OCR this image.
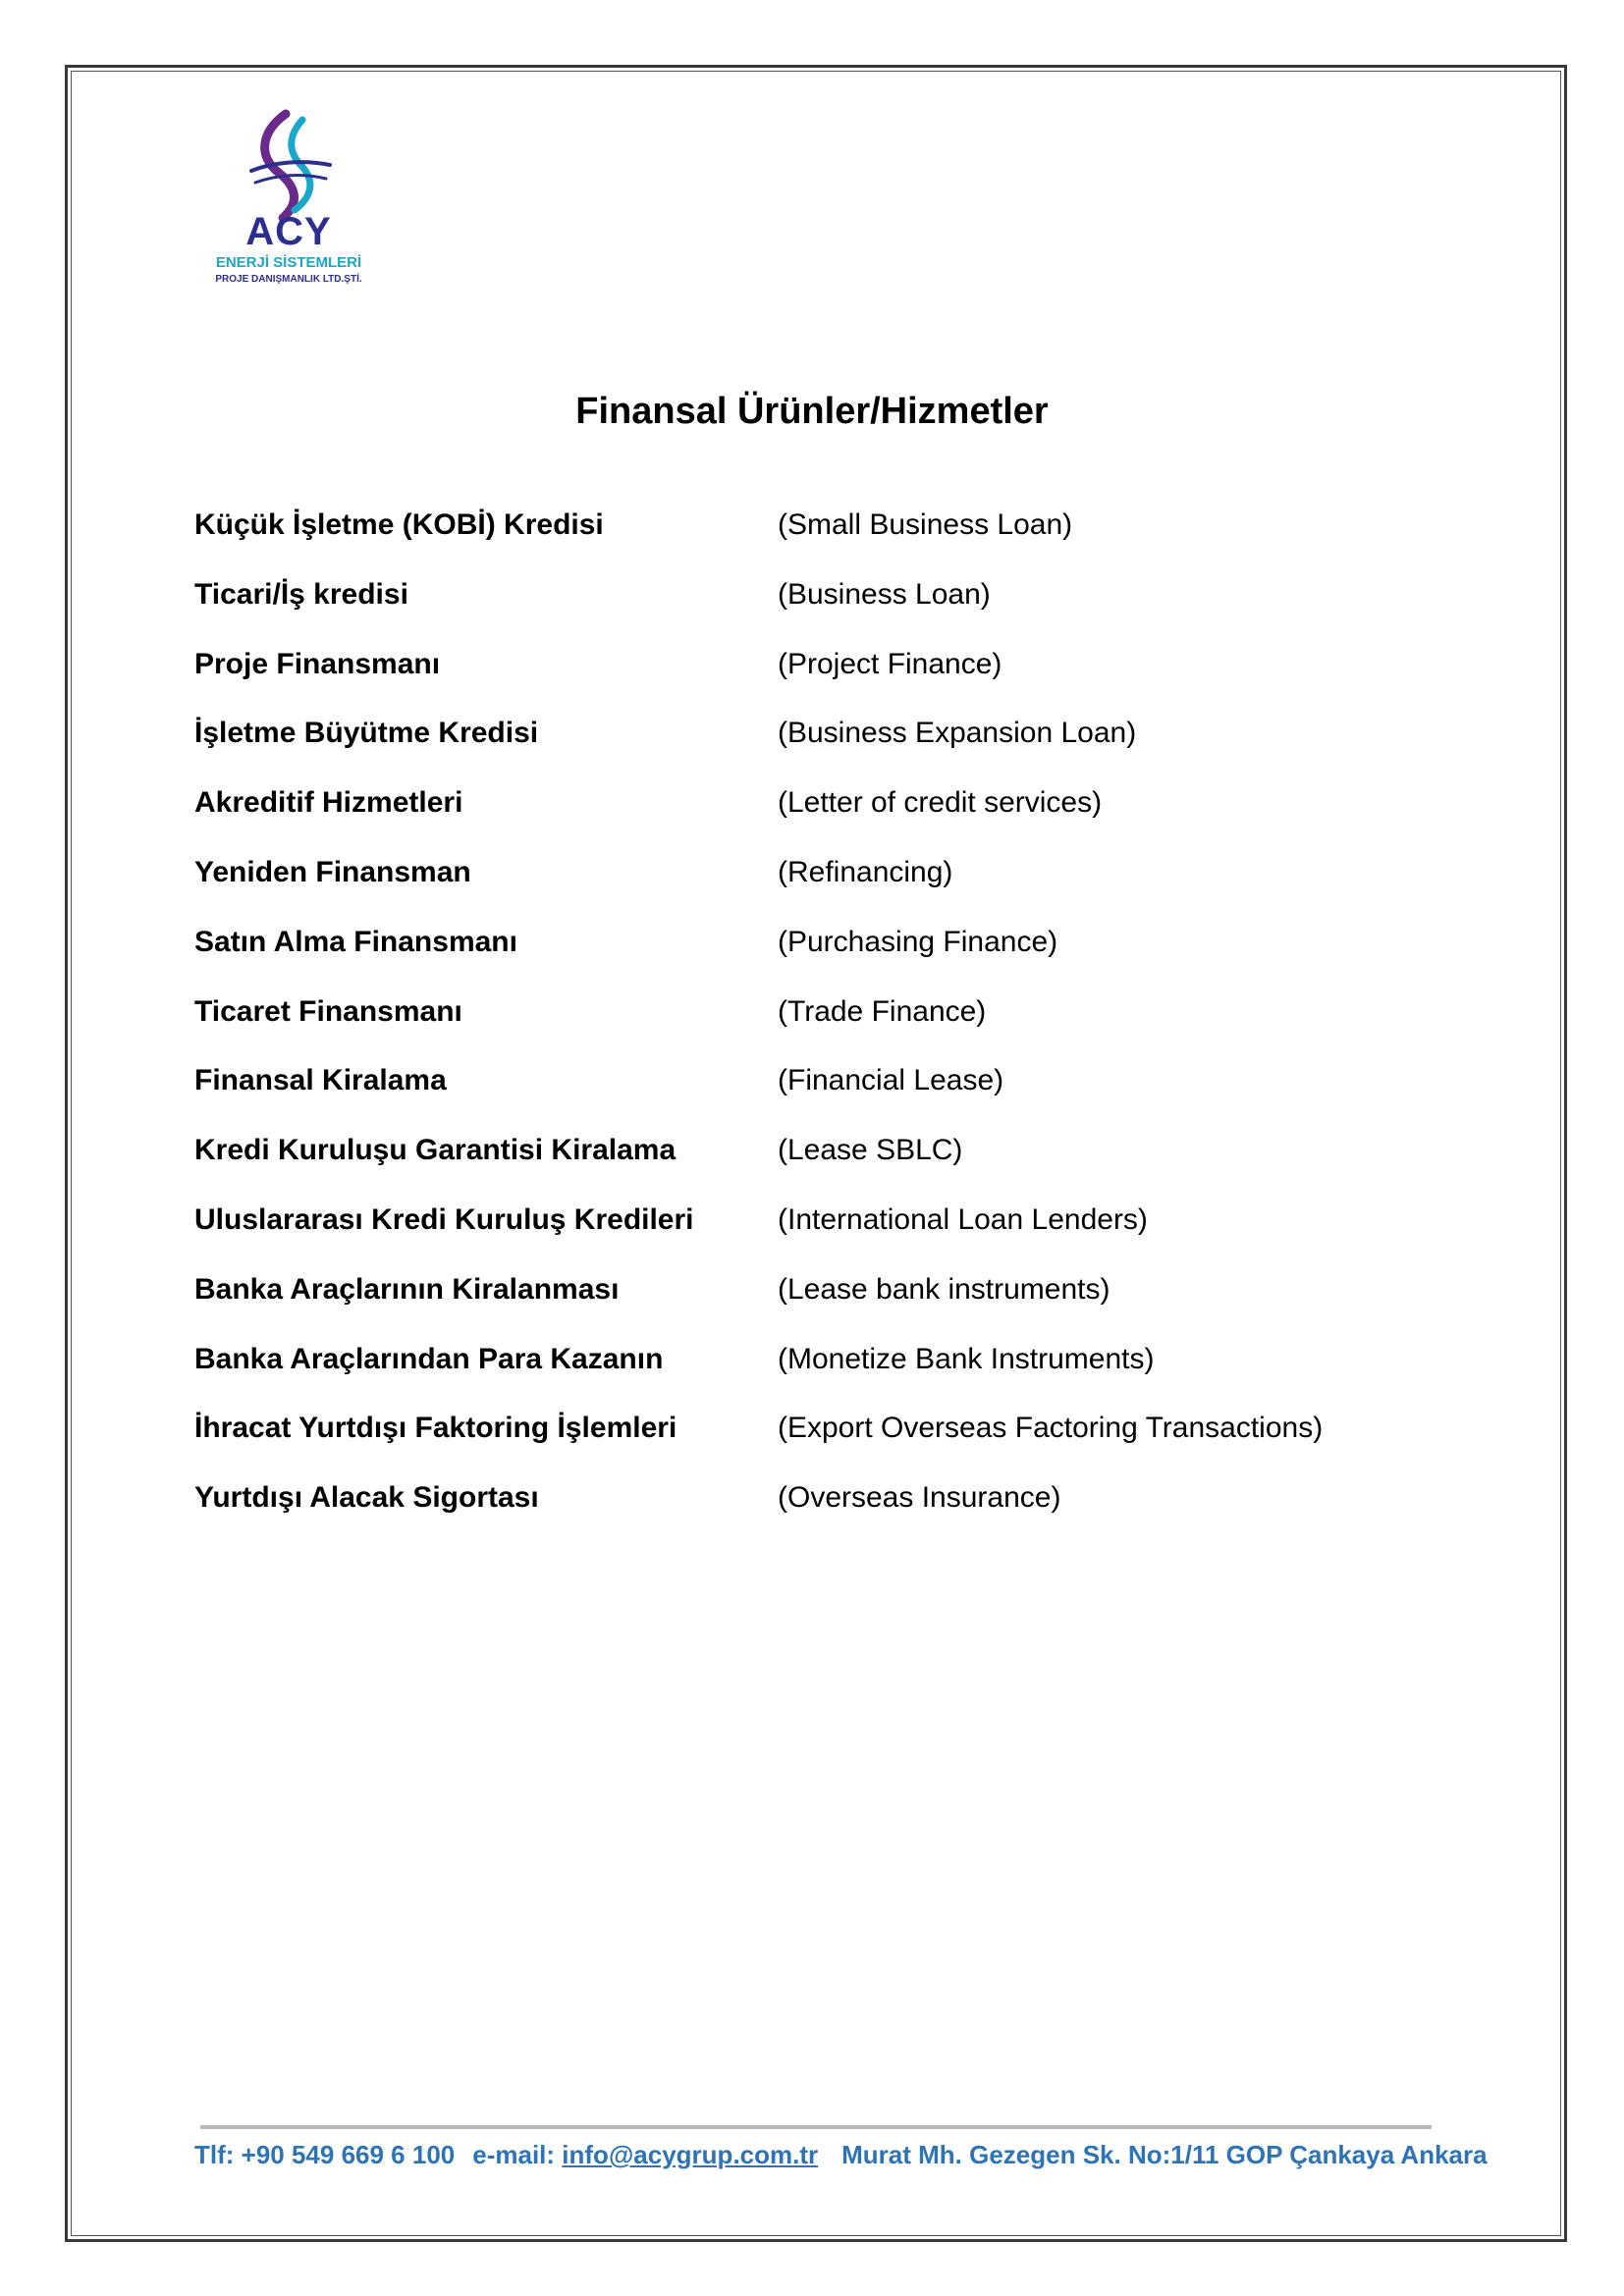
ACY
ENERJİ SİSTEMLERİ
PROJE DANIŞMANLIK LTD.ŞTİ.
Finansal Ürünler/Hizmetler
Küçük İşletme (KOBİ) Kredisi	(Small Business Loan)
Ticari/İş kredisi	(Business Loan)
Proje Finansmanı	(Project Finance)
İşletme Büyütme Kredisi	(Business Expansion Loan)
Akreditif Hizmetleri	(Letter of credit services)
Yeniden Finansman	(Refinancing)
Satın Alma Finansmanı	(Purchasing Finance)
Ticaret Finansmanı	(Trade Finance)
Finansal Kiralama	(Financial Lease)
Kredi Kuruluşu Garantisi Kiralama	(Lease SBLC)
Uluslararası Kredi Kuruluş Kredileri	(International Loan Lenders)
Banka Araçlarının Kiralanması	(Lease bank instruments)
Banka Araçlarından Para Kazanın	(Monetize Bank Instruments)
İhracat Yurtdışı Faktoring İşlemleri	(Export Overseas Factoring Transactions)
Yurtdışı Alacak Sigortası	(Overseas Insurance)
Tlf: +90 549 669 6 100 e-mail: info@acygrup.com.tr Murat Mh. Gezegen Sk. No:1/11 GOP Çankaya Ankara
